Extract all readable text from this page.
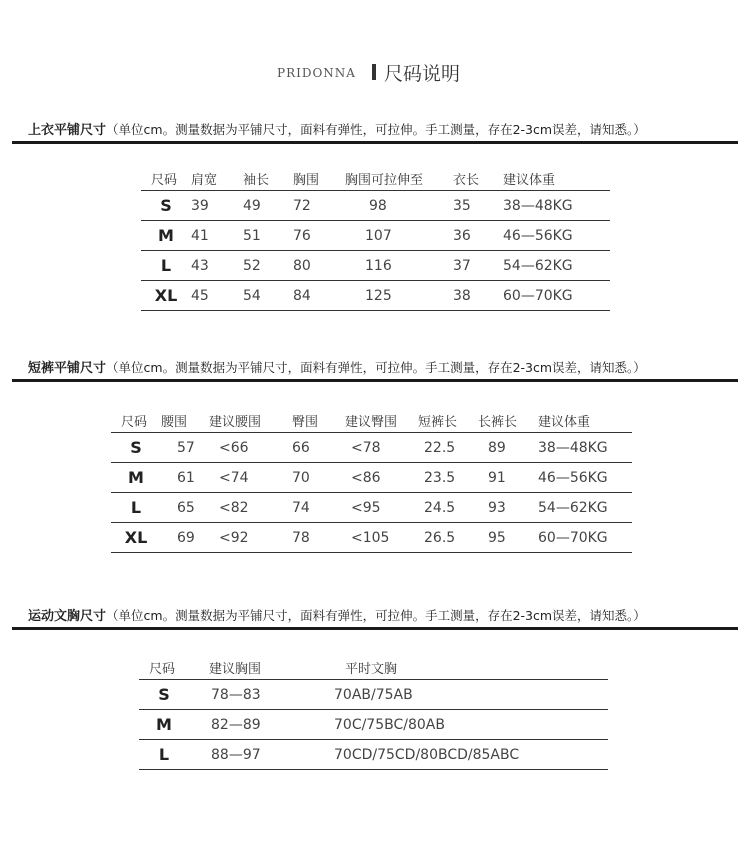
PRIDONNA 尺码说明
上衣平铺尺寸（单位cm。测量数据为平铺尺寸，面料有弹性，可拉伸。手工测量，存在2-3cm误差，请知悉。）
尺码	肩宽	袖长	胸围	胸围可拉伸至	衣长	建议体重
S	39	49	72	98	35	38—48KG
M	41	51	76	107	36	46—56KG
L	43	52	80	116	37	54—62KG
XL	45	54	84	125	38	60—70KG
短裤平铺尺寸（单位cm。测量数据为平铺尺寸，面料有弹性，可拉伸。手工测量，存在2-3cm误差，请知悉。）
尺码	腰围	建议腰围	臀围	建议臀围	短裤长	长裤长	建议体重
S	57	<66	66	<78	22.5	89	38—48KG
M	61	<74	70	<86	23.5	91	46—56KG
L	65	<82	74	<95	24.5	93	54—62KG
XL	69	<92	78	<105	26.5	95	60—70KG
运动文胸尺寸（单位cm。测量数据为平铺尺寸，面料有弹性，可拉伸。手工测量，存在2-3cm误差，请知悉。）
尺码	建议胸围	平时文胸
S	78—83	70AB/75AB
M	82—89	70C/75BC/80AB
L	88—97	70CD/75CD/80BCD/85ABC
